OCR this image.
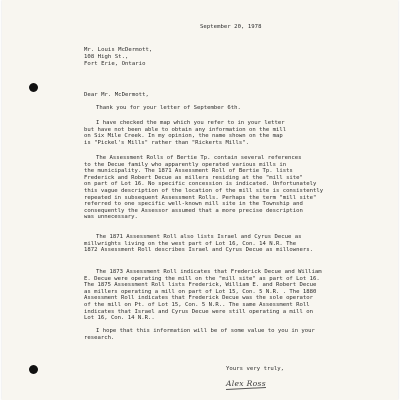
September 20, 1978
Mr. Louis McDermott,
108 High St.,
Fort Erie, Ontario
Dear Mr. McDermott,
Thank you for your letter of September 6th.
I have checked the map which you refer to in your letter
but have not been able to obtain any information on the mill
on Six Mile Creek. In my opinion, the name shown on the map
is "Pickel's Mills" rather than "Rickerts Mills".
The Assessment Rolls of Bertie Tp. contain several references
to the Decue family who apparently operated various mills in
the municipality. The 1871 Assessment Roll of Bertie Tp. lists
Frederick and Robert Decue as millers residing at the "mill site"
on part of Lot 16. No specific concession is indicated. Unfortunately
this vague description of the location of the mill site is consistently
repeated in subsequent Assessment Rolls. Perhaps the term "mill site"
referred to one specific well-known mill site in the Township and
consequently the Assessor assumed that a more precise description
was unnecessary.
The 1871 Assessment Roll also lists Israel and Cyrus Decue as
millwrights living on the west part of Lot 16, Con. 14 N.R. The
1872 Assessment Roll describes Israel and Cyrus Decue as millowners.
The 1873 Assessment Roll indicates that Frederick Decue and William
E. Decue were operating the mill on the "mill site" as part of Lot 16.
The 1875 Assessment Roll lists Frederick, William E. and Robert Decue
as millers operating a mill on part of Lot 15, Con. 5 N.R. . The 1880
Assessment Roll indicates that Frederick Decue was the sole operator
of the mill on Pt. of Lot 15, Con. 5 N.R.. The same Assessment Roll
indicates that Israel and Cyrus Decue were still operating a mill on
Lot 16, Con. 14 N.R..
I hope that this information will be of some value to you in your
research.
Yours very truly,
Alex Ross
